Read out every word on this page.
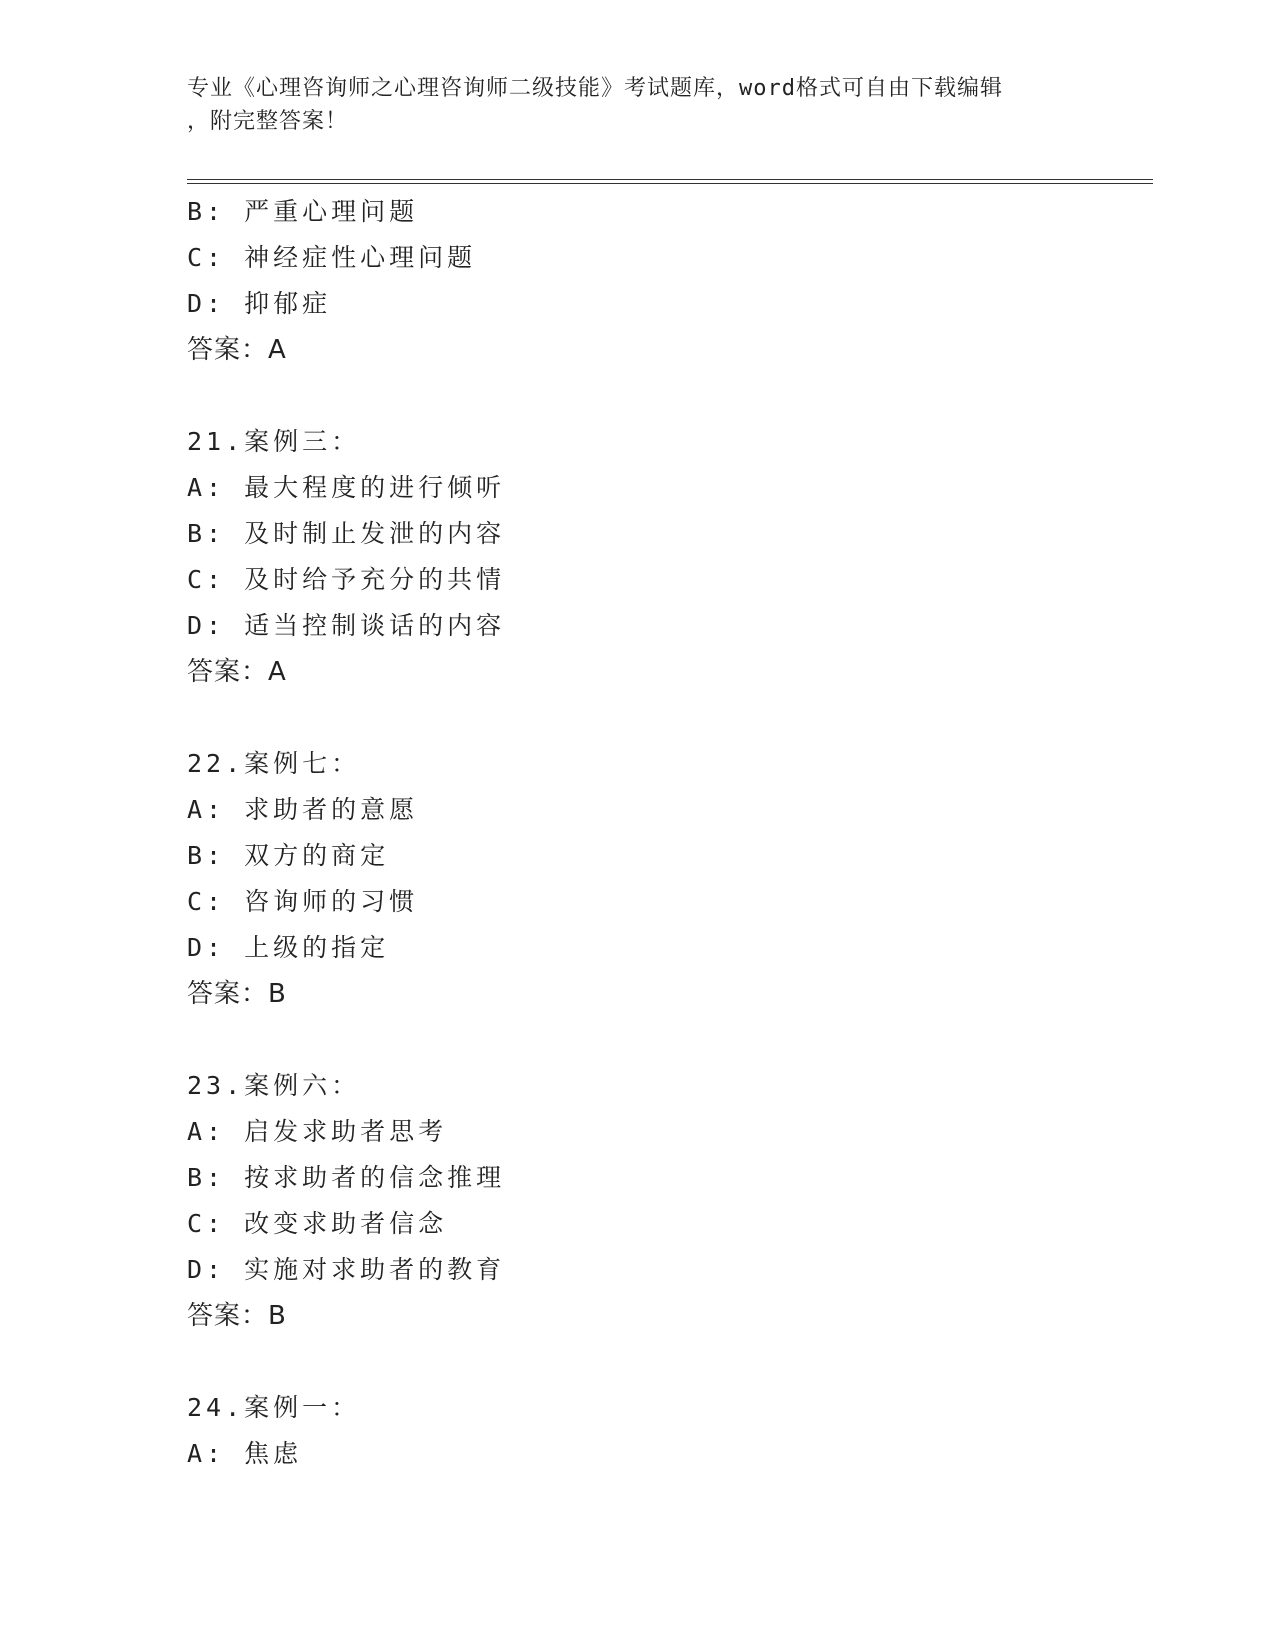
专业《心理咨询师之心理咨询师二级技能》考试题库，word格式可自由下载编辑
，附完整答案！
B: 严重心理问题
C: 神经症性心理问题
D: 抑郁症
答案：A
21.案例三：
A: 最大程度的进行倾听
B: 及时制止发泄的内容
C: 及时给予充分的共情
D: 适当控制谈话的内容
答案：A
22.案例七：
A: 求助者的意愿
B: 双方的商定
C: 咨询师的习惯
D: 上级的指定
答案：B
23.案例六：
A: 启发求助者思考
B: 按求助者的信念推理
C: 改变求助者信念
D: 实施对求助者的教育
答案：B
24.案例一：
A: 焦虑
